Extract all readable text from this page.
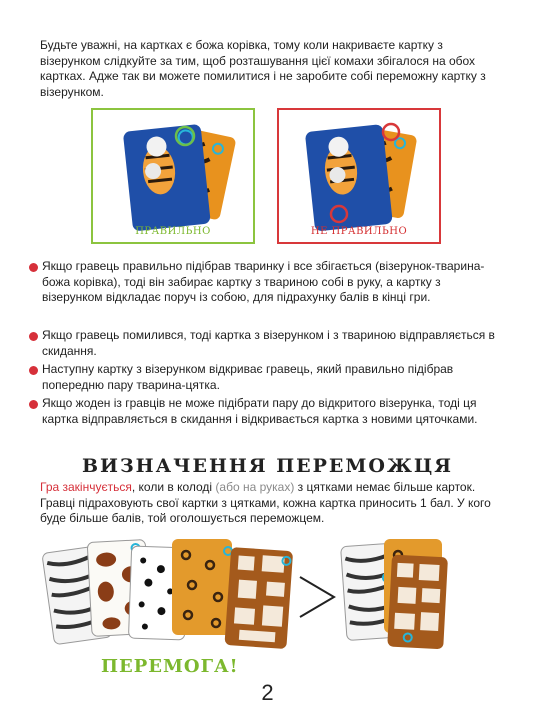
Будьте уважні, на картках є божа корівка, тому коли накриваєте картку з візерунком слідкуйте за тим, щоб розташування цієї комахи збігалося на обох картках. Адже так ви можете помилитися і не заробите собі переможну картку з візерунком.
ПРАВИЛЬНО	НЕ ПРАВИЛЬНО
Якщо гравець правильно підібрав тваринку і все збігається (візерунок-тварина-божа корівка), тоді він забирає картку з твариною собі в руку, а картку з візерунком відкладає поруч із собою, для підрахунку балів в кінці гри.
Якщо гравець помилився, тоді картка з візерунком і з твариною відправляється в скидання.
Наступну картку з візерунком відкриває гравець, який правильно підібрав попередню пару тварина-цятка.
Якщо жоден із гравців не може підібрати пару до відкритого візерунка, тоді ця картка відправляється в скидання і відкривається картка з новими цяточками.
ВИЗНАЧЕННЯ ПЕРЕМОЖЦЯ
Гра закінчується, коли в колоді (або на руках) з цятками немає більше карток. Гравці підраховують свої картки з цятками, кожна картка приносить 1 бал. У кого буде більше балів, той оголошується переможцем.
ПЕРЕМОГА!
2
